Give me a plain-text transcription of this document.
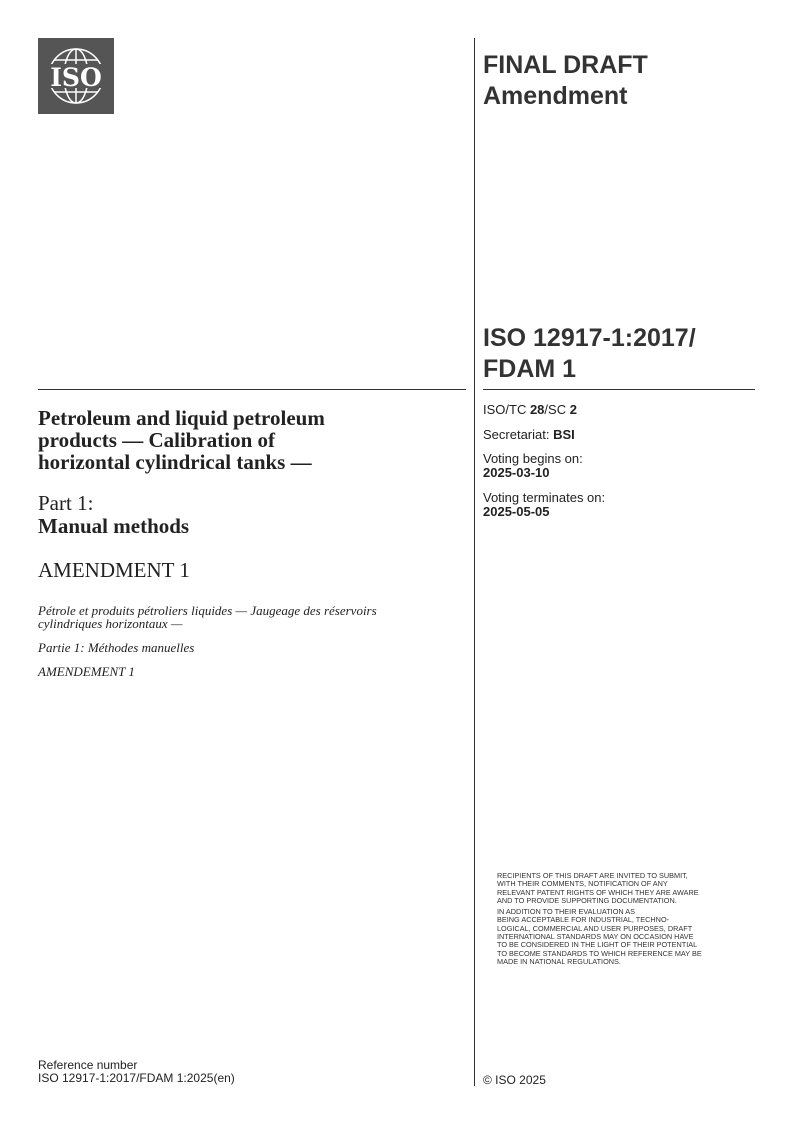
ISO	FINAL DRAFT
Amendment
ISO 12917-1:2017/
FDAM 1
Petroleum and liquid petroleum
products — Calibration of
horizontal cylindrical tanks —
Part 1:
Manual methods
AMENDMENT 1
Pétrole et produits pétroliers liquides — Jaugeage des réservoirs
cylindriques horizontaux —
Partie 1: Méthodes manuelles
AMENDEMENT 1
ISO/TC 28/SC 2
Secretariat: BSI
Voting begins on:
2025-03-10
Voting terminates on:
2025-05-05
RECIPIENTS OF THIS DRAFT ARE INVITED TO SUBMIT,
WITH THEIR COMMENTS, NOTIFICATION OF ANY
RELEVANT PATENT RIGHTS OF WHICH THEY ARE AWARE
AND TO PROVIDE SUPPORTING DOCUMENTATION.
IN ADDITION TO THEIR EVALUATION AS
BEING ACCEPTABLE FOR INDUSTRIAL, TECHNO-
LOGICAL, COMMERCIAL AND USER PURPOSES, DRAFT
INTERNATIONAL STANDARDS MAY ON OCCASION HAVE
TO BE CONSIDERED IN THE LIGHT OF THEIR POTENTIAL
TO BECOME STANDARDS TO WHICH REFERENCE MAY BE
MADE IN NATIONAL REGULATIONS.
Reference number
ISO 12917-1:2017/FDAM 1:2025(en)	© ISO 2025
